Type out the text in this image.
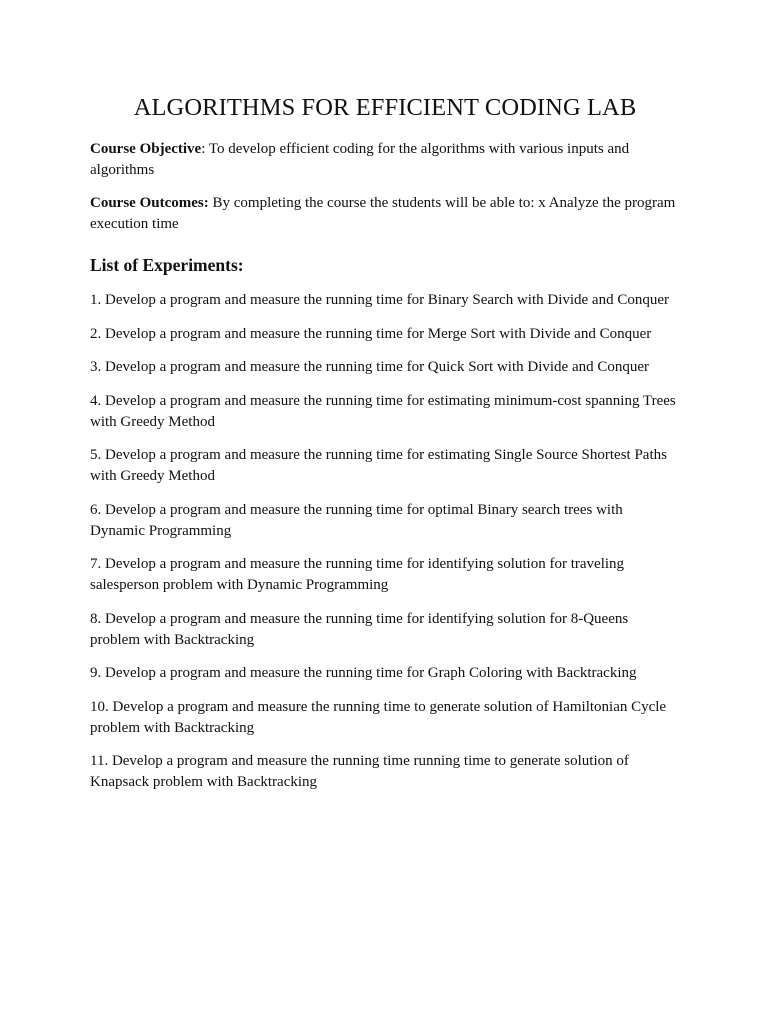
ALGORITHMS FOR EFFICIENT CODING LAB

Course Objective: To develop efficient coding for the algorithms with various inputs and algorithms

Course Outcomes: By completing the course the students will be able to: x Analyze the program execution time

List of Experiments:
1. Develop a program and measure the running time for Binary Search with Divide and Conquer
2. Develop a program and measure the running time for Merge Sort with Divide and Conquer
3. Develop a program and measure the running time for Quick Sort with Divide and Conquer
4. Develop a program and measure the running time for estimating minimum-cost spanning Trees with Greedy Method
5. Develop a program and measure the running time for estimating Single Source Shortest Paths with Greedy Method
6. Develop a program and measure the running time for optimal Binary search trees with Dynamic Programming
7. Develop a program and measure the running time for identifying solution for traveling salesperson problem with Dynamic Programming
8. Develop a program and measure the running time for identifying solution for 8-Queens problem with Backtracking
9. Develop a program and measure the running time for Graph Coloring with Backtracking
10. Develop a program and measure the running time to generate solution of Hamiltonian Cycle problem with Backtracking
11. Develop a program and measure the running time running time to generate solution of Knapsack problem with Backtracking
